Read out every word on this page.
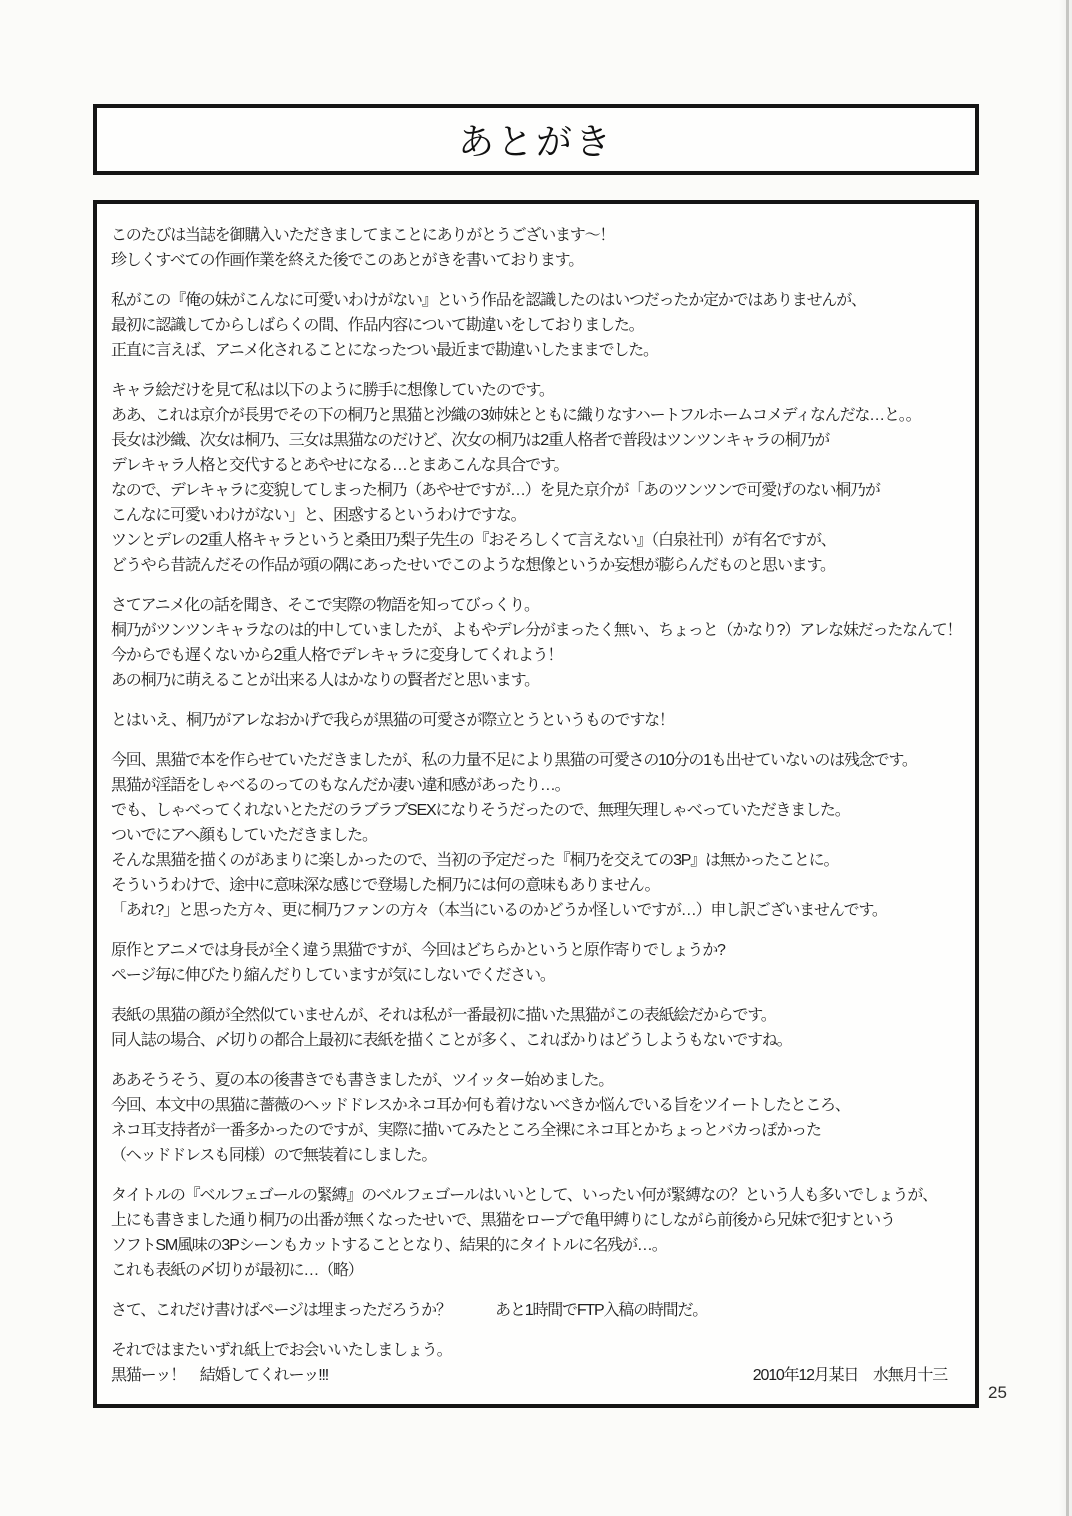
あとがき
このたびは当誌を御購入いただきましてまことにありがとうございます～！
珍しくすべての作画作業を終えた後でこのあとがきを書いております。
私がこの『俺の妹がこんなに可愛いわけがない』という作品を認識したのはいつだったか定かではありませんが、
最初に認識してからしばらくの間、作品内容について勘違いをしておりました。
正直に言えば、アニメ化されることになったつい最近まで勘違いしたままでした。
キャラ絵だけを見て私は以下のように勝手に想像していたのです。
ああ、これは京介が長男でその下の桐乃と黒猫と沙織の3姉妹とともに織りなすハートフルホームコメディなんだな…と。。
長女は沙織、次女は桐乃、三女は黒猫なのだけど、次女の桐乃は2重人格者で普段はツンツンキャラの桐乃が
デレキャラ人格と交代するとあやせになる…とまあこんな具合です。
なので、デレキャラに変貌してしまった桐乃（あやせですが…）を見た京介が「あのツンツンで可愛げのない桐乃が
こんなに可愛いわけがない」と、困惑するというわけですな。
ツンとデレの2重人格キャラというと桑田乃梨子先生の『おそろしくて言えない』（白泉社刊）が有名ですが、
どうやら昔読んだその作品が頭の隅にあったせいでこのような想像というか妄想が膨らんだものと思います。
さてアニメ化の話を聞き、そこで実際の物語を知ってびっくり。
桐乃がツンツンキャラなのは的中していましたが、よもやデレ分がまったく無い、ちょっと（かなり?）アレな妹だったなんて！
今からでも遅くないから2重人格でデレキャラに変身してくれよう！
あの桐乃に萌えることが出来る人はかなりの賢者だと思います。
とはいえ、桐乃がアレなおかげで我らが黒猫の可愛さが際立とうというものですな！
今回、黒猫で本を作らせていただきましたが、私の力量不足により黒猫の可愛さの10分の1も出せていないのは残念です。
黒猫が淫語をしゃべるのってのもなんだか凄い違和感があったり…。
でも、しゃべってくれないとただのラブラブSEXになりそうだったので、無理矢理しゃべっていただきました。
ついでにアヘ顔もしていただきました。
そんな黒猫を描くのがあまりに楽しかったので、当初の予定だった『桐乃を交えての3P』は無かったことに。
そういうわけで、途中に意味深な感じで登場した桐乃には何の意味もありません。
「あれ?」と思った方々、更に桐乃ファンの方々（本当にいるのかどうか怪しいですが…）申し訳ございませんです。
原作とアニメでは身長が全く違う黒猫ですが、今回はどちらかというと原作寄りでしょうか?
ページ毎に伸びたり縮んだりしていますが気にしないでください。
表紙の黒猫の顔が全然似ていませんが、それは私が一番最初に描いた黒猫がこの表紙絵だからです。
同人誌の場合、〆切りの都合上最初に表紙を描くことが多く、こればかりはどうしようもないですね。
ああそうそう、夏の本の後書きでも書きましたが、ツイッター始めました。
今回、本文中の黒猫に薔薇のヘッドドレスかネコ耳か何も着けないべきか悩んでいる旨をツイートしたところ、
ネコ耳支持者が一番多かったのですが、実際に描いてみたところ全裸にネコ耳とかちょっとバカっぽかった
（ヘッドドレスも同様）ので無装着にしました。
タイトルの『ベルフェゴールの緊縛』のベルフェゴールはいいとして、いったい何が緊縛なの？という人も多いでしょうが、
上にも書きました通り桐乃の出番が無くなったせいで、黒猫をロープで亀甲縛りにしながら前後から兄妹で犯すという
ソフトSM風味の3Pシーンもカットすることとなり、結果的にタイトルに名残が…。
これも表紙の〆切りが最初に…（略）
さて、これだけ書けばページは埋まっただろうか？　　　あと1時間でFTP入稿の時間だ。
それではまたいずれ紙上でお会いいたしましょう。
黒猫ーッ！　結婚してくれーッ!!!	2010年12月某日　水無月十三
25
